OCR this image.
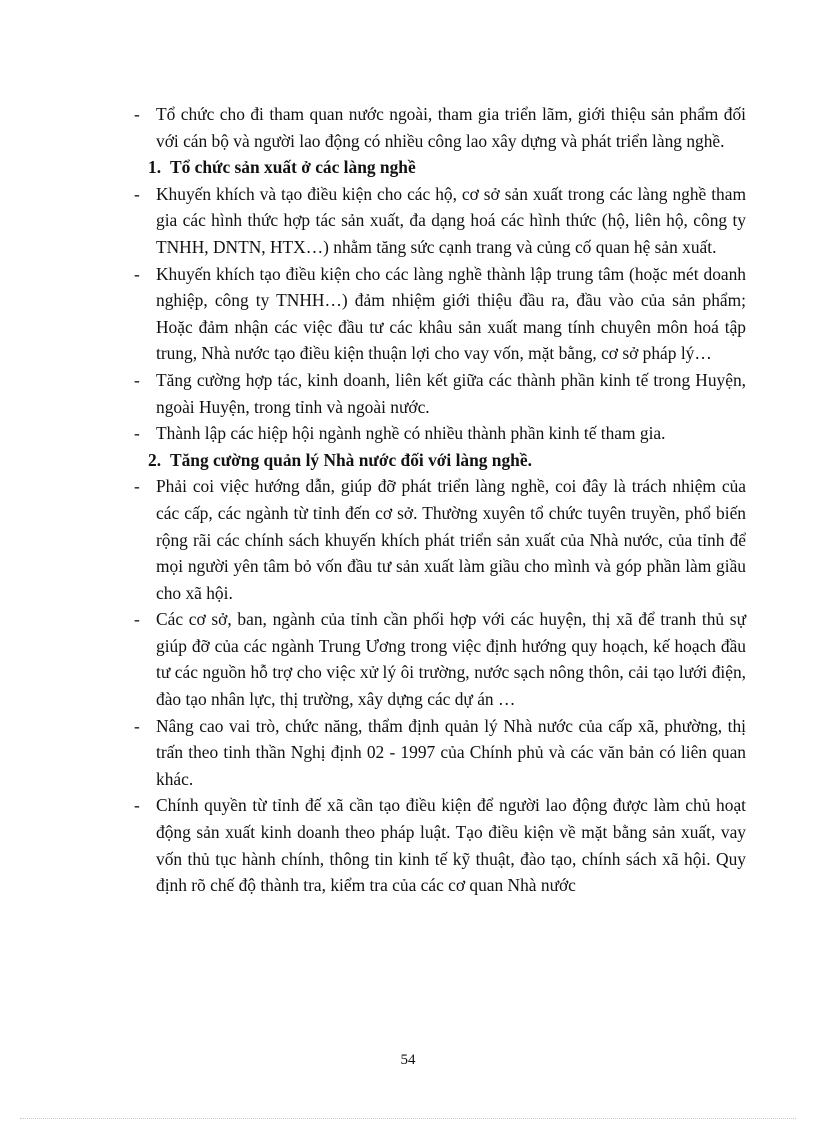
- Tổ chức cho đi tham quan nước ngoài, tham gia triển lãm, giới thiệu sản phẩm đối với cán bộ và người lao động có nhiều công lao xây dựng và phát triển làng nghề.
1. Tổ chức sản xuất ở các làng nghề
- Khuyến khích và tạo điều kiện cho các hộ, cơ sở sản xuất trong các làng nghề tham gia các hình thức hợp tác sản xuất, đa dạng hoá các hình thức (hộ, liên hộ, công ty TNHH, DNTN, HTX…) nhằm tăng sức cạnh trang và củng cố quan hệ sản xuất.
- Khuyến khích tạo điều kiện cho các làng nghề thành lập trung tâm (hoặc mét doanh nghiệp, công ty TNHH…) đảm nhiệm giới thiệu đầu ra, đầu vào của sản phẩm; Hoặc đảm nhận các việc đầu tư các khâu sản xuất mang tính chuyên môn hoá tập trung, Nhà nước tạo điều kiện thuận lợi cho vay vốn, mặt bằng, cơ sở pháp lý…
- Tăng cường hợp tác, kinh doanh, liên kết giữa các thành phần kinh tế trong Huyện, ngoài Huyện, trong tỉnh và ngoài nước.
- Thành lập các hiệp hội ngành nghề có nhiều thành phần kinh tế tham gia.
2. Tăng cường quản lý Nhà nước đối với làng nghề.
- Phải coi việc hướng dẫn, giúp đỡ phát triển làng nghề, coi đây là trách nhiệm của các cấp, các ngành từ tỉnh đến cơ sở. Thường xuyên tổ chức tuyên truyền, phổ biến rộng rãi các chính sách khuyến khích phát triển sản xuất của Nhà nước, của tỉnh để mọi người yên tâm bỏ vốn đầu tư sản xuất làm giầu cho mình và góp phần làm giầu cho xã hội.
- Các cơ sở, ban, ngành của tỉnh cần phối hợp với các huyện, thị xã để tranh thủ sự giúp đỡ của các ngành Trung Ương trong việc định hướng quy hoạch, kế hoạch đầu tư các nguồn hỗ trợ cho việc xử lý ôi trường, nước sạch nông thôn, cải tạo lưới điện, đào tạo nhân lực, thị trường, xây dựng các dự án …
- Nâng cao vai trò, chức năng, thẩm định quản lý Nhà nước của cấp xã, phường, thị trấn theo tinh thần Nghị định 02 - 1997 của Chính phủ và các văn bản có liên quan khác.
- Chính quyền từ tỉnh đế xã cần tạo điều kiện để người lao động được làm chủ hoạt động sản xuất kinh doanh theo pháp luật. Tạo điều kiện về mặt bằng sản xuất, vay vốn thủ tục hành chính, thông tin kinh tế kỹ thuật, đào tạo, chính sách xã hội. Quy định rõ chế độ thành tra, kiểm tra của các cơ quan Nhà nước
54
